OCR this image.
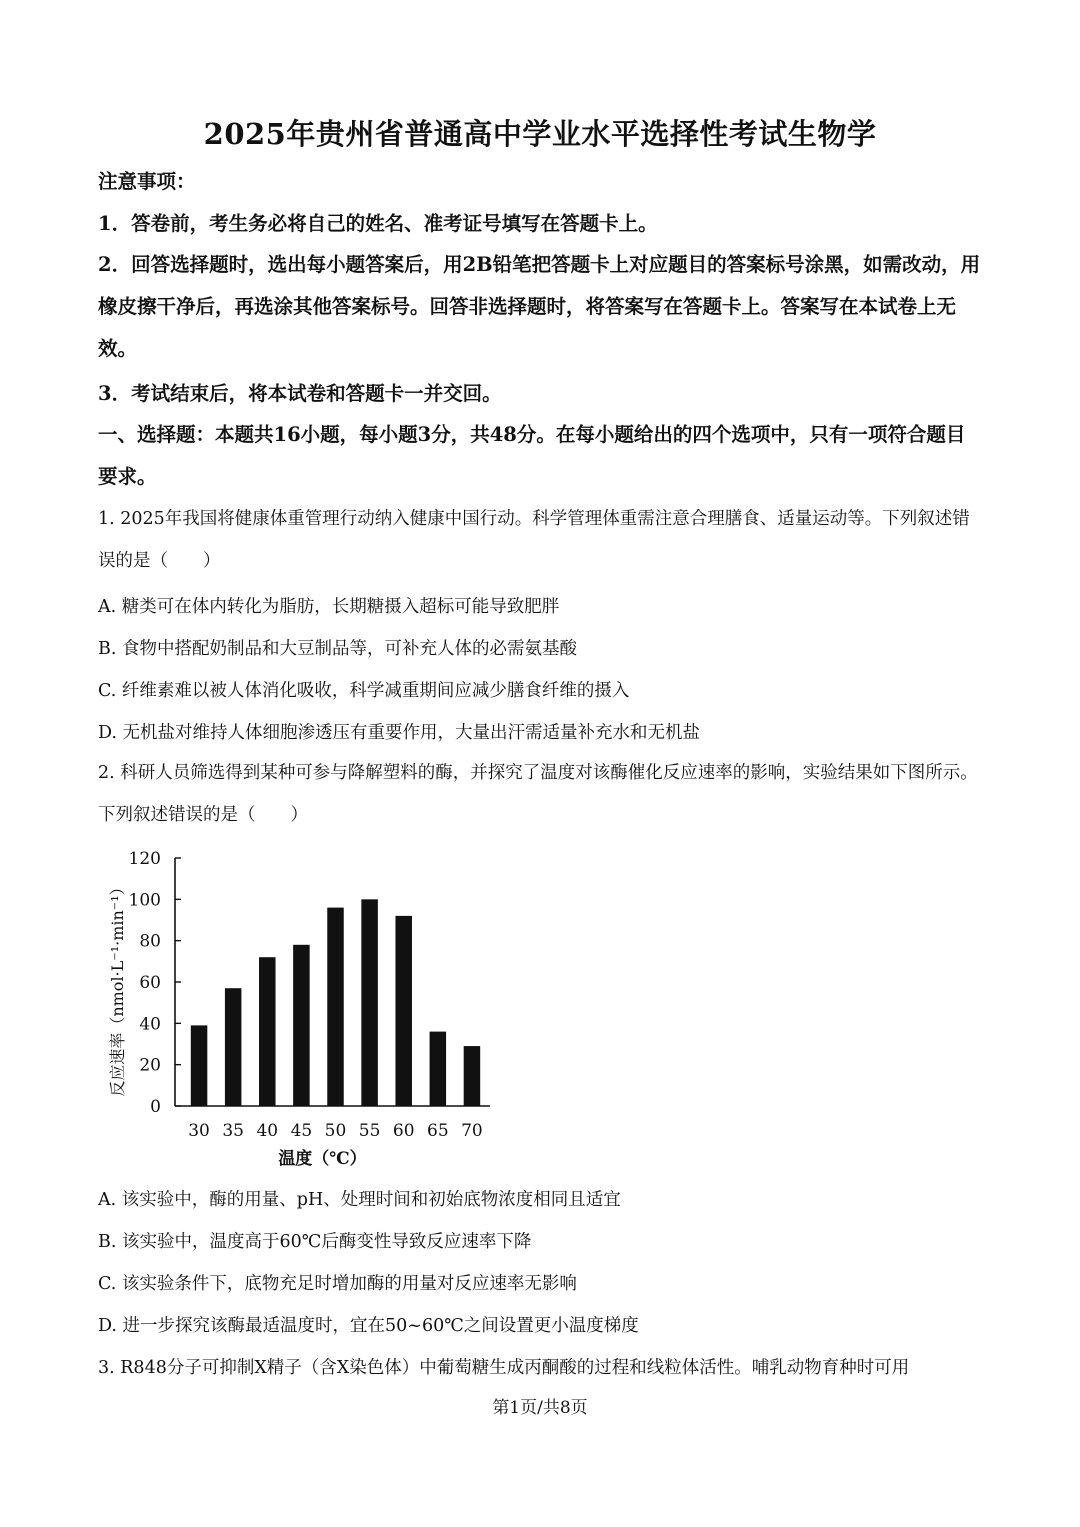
2025年贵州省普通高中学业水平选择性考试生物学

注意事项：

1．答卷前，考生务必将自己的姓名、准考证号填写在答题卡上。

2．回答选择题时，选出每小题答案后，用2B铅笔把答题卡上对应题目的答案标号涂黑，如需改动，用橡皮擦干净后，再选涂其他答案标号。回答非选择题时，将答案写在答题卡上。答案写在本试卷上无效。

3．考试结束后，将本试卷和答题卡一并交回。

一、选择题：本题共16小题，每小题3分，共48分。在每小题给出的四个选项中，只有一项符合题目要求。

1. 2025年我国将健康体重管理行动纳入健康中国行动。科学管理体重需注意合理膳食、适量运动等。下列叙述错误的是（　　）

A. 糖类可在体内转化为脂肪，长期糖摄入超标可能导致肥胖

B. 食物中搭配奶制品和大豆制品等，可补充人体的必需氨基酸

C. 纤维素难以被人体消化吸收，科学减重期间应减少膳食纤维的摄入

D. 无机盐对维持人体细胞渗透压有重要作用，大量出汗需适量补充水和无机盐

2. 科研人员筛选得到某种可参与降解塑料的酶，并探究了温度对该酶催化反应速率的影响，实验结果如下图所示。下列叙述错误的是（　　）

0
20
40
60
80
100
120
30 35 40 45 50 55 60 65 70
温度（℃）
反应速率（nmol·L⁻¹·min⁻¹）

A. 该实验中，酶的用量、pH、处理时间和初始底物浓度相同且适宜

B. 该实验中，温度高于60℃后酶变性导致反应速率下降

C. 该实验条件下，底物充足时增加酶的用量对反应速率无影响

D. 进一步探究该酶最适温度时，宜在50~60℃之间设置更小温度梯度

3. R848分子可抑制X精子（含X染色体）中葡萄糖生成丙酮酸的过程和线粒体活性。哺乳动物育种时可用

第1页/共8页
